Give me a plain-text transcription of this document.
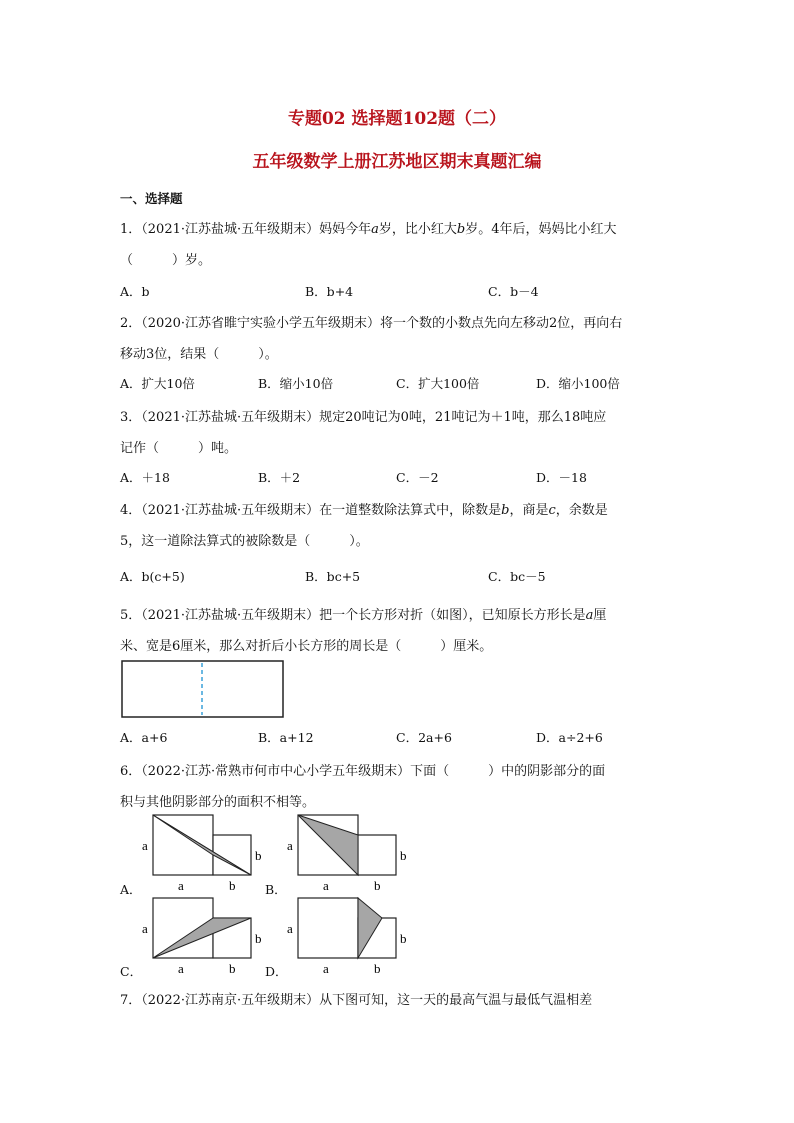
专题02 选择题102题（二）
五年级数学上册江苏地区期末真题汇编
一、选择题
1．（2021·江苏盐城·五年级期末）妈妈今年a岁，比小红大b岁。4年后，妈妈比小红大
（　　　）岁。
A．b	B．b+4	C．b－4
2．（2020·江苏省睢宁实验小学五年级期末）将一个数的小数点先向左移动2位，再向右
移动3位，结果（　　　）。
A．扩大10倍	B．缩小10倍	C．扩大100倍	D．缩小100倍
3．（2021·江苏盐城·五年级期末）规定20吨记为0吨，21吨记为＋1吨，那么18吨应
记作（　　　）吨。
A．＋18	B．＋2	C．－2	D．－18
4．（2021·江苏盐城·五年级期末）在一道整数除法算式中，除数是b，商是c，余数是
5，这一道除法算式的被除数是（　　　）。
A．b(c+5)	B．bc+5	C．bc－5
5．（2021·江苏盐城·五年级期末）把一个长方形对折（如图），已知原长方形长是a厘
米、宽是6厘米，那么对折后小长方形的周长是（　　　）厘米。
A．a+6	B．a+12	C．2a+6	D．a÷2+6
6．（2022·江苏·常熟市何市中心小学五年级期末）下面（　　　）中的阴影部分的面
积与其他阴影部分的面积不相等。
a
b
a	b
A．
a
b
a	b
B．
a
b
a	b
C．
a
b
a	b
D．
7．（2022·江苏南京·五年级期末）从下图可知，这一天的最高气温与最低气温相差
